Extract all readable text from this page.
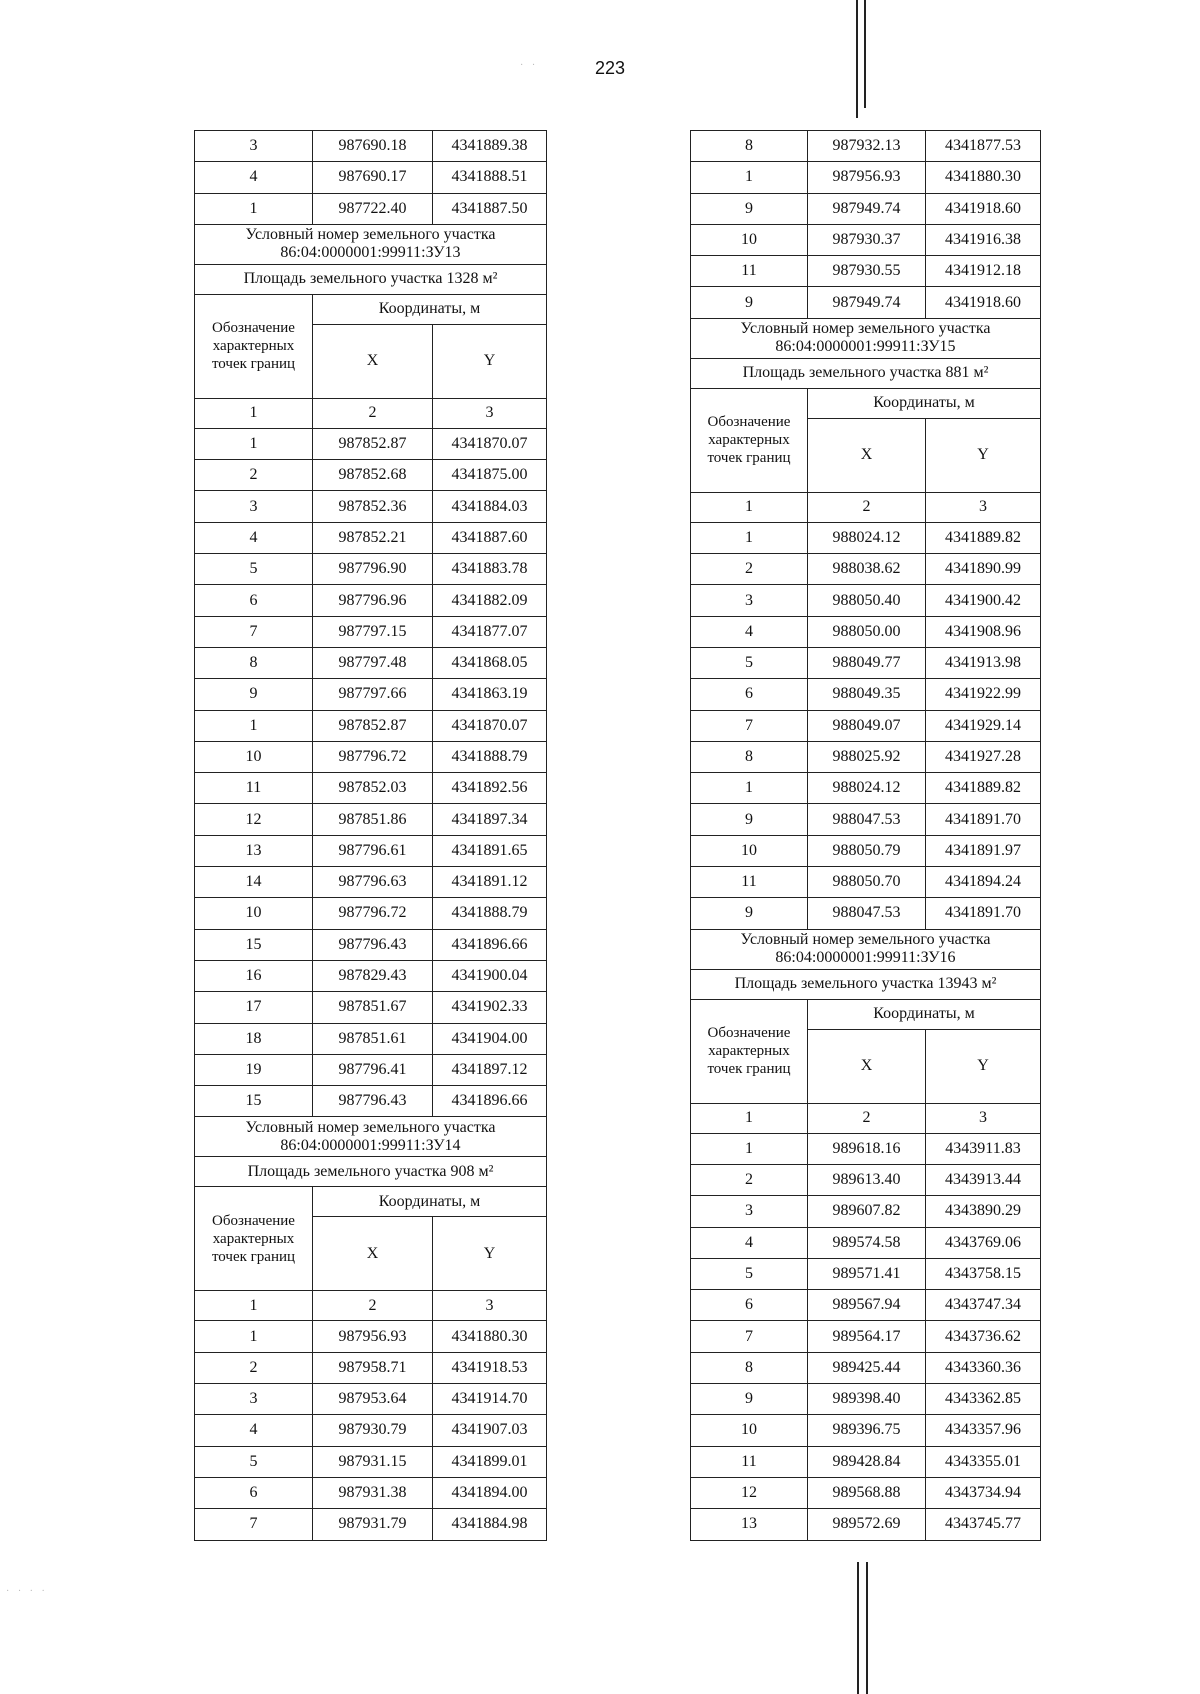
223
· · · ·
· ·
3	987690.18	4341889.38
4	987690.17	4341888.51
1	987722.40	4341887.50
Условный номер земельного участка 86:04:0000001:99911:ЗУ13		
Площадь земельного участка 1328 м²		
Обозначение характерных точек границ	Координаты, м	
	X	Y
1	2	3
1	987852.87	4341870.07
2	987852.68	4341875.00
3	987852.36	4341884.03
4	987852.21	4341887.60
5	987796.90	4341883.78
6	987796.96	4341882.09
7	987797.15	4341877.07
8	987797.48	4341868.05
9	987797.66	4341863.19
1	987852.87	4341870.07
10	987796.72	4341888.79
11	987852.03	4341892.56
12	987851.86	4341897.34
13	987796.61	4341891.65
14	987796.63	4341891.12
10	987796.72	4341888.79
15	987796.43	4341896.66
16	987829.43	4341900.04
17	987851.67	4341902.33
18	987851.61	4341904.00
19	987796.41	4341897.12
15	987796.43	4341896.66
Условный номер земельного участка 86:04:0000001:99911:ЗУ14		
Площадь земельного участка 908 м²		
Обозначение характерных точек границ	Координаты, м	
	X	Y
1	2	3
1	987956.93	4341880.30
2	987958.71	4341918.53
3	987953.64	4341914.70
4	987930.79	4341907.03
5	987931.15	4341899.01
6	987931.38	4341894.00
7	987931.79	4341884.98
8	987932.13	4341877.53
1	987956.93	4341880.30
9	987949.74	4341918.60
10	987930.37	4341916.38
11	987930.55	4341912.18
9	987949.74	4341918.60
Условный номер земельного участка 86:04:0000001:99911:ЗУ15		
Площадь земельного участка 881 м²		
Обозначение характерных точек границ	Координаты, м	
	X	Y
1	2	3
1	988024.12	4341889.82
2	988038.62	4341890.99
3	988050.40	4341900.42
4	988050.00	4341908.96
5	988049.77	4341913.98
6	988049.35	4341922.99
7	988049.07	4341929.14
8	988025.92	4341927.28
1	988024.12	4341889.82
9	988047.53	4341891.70
10	988050.79	4341891.97
11	988050.70	4341894.24
9	988047.53	4341891.70
Условный номер земельного участка 86:04:0000001:99911:ЗУ16		
Площадь земельного участка 13943 м²		
Обозначение характерных точек границ	Координаты, м	
	X	Y
1	2	3
1	989618.16	4343911.83
2	989613.40	4343913.44
3	989607.82	4343890.29
4	989574.58	4343769.06
5	989571.41	4343758.15
6	989567.94	4343747.34
7	989564.17	4343736.62
8	989425.44	4343360.36
9	989398.40	4343362.85
10	989396.75	4343357.96
11	989428.84	4343355.01
12	989568.88	4343734.94
13	989572.69	4343745.77
